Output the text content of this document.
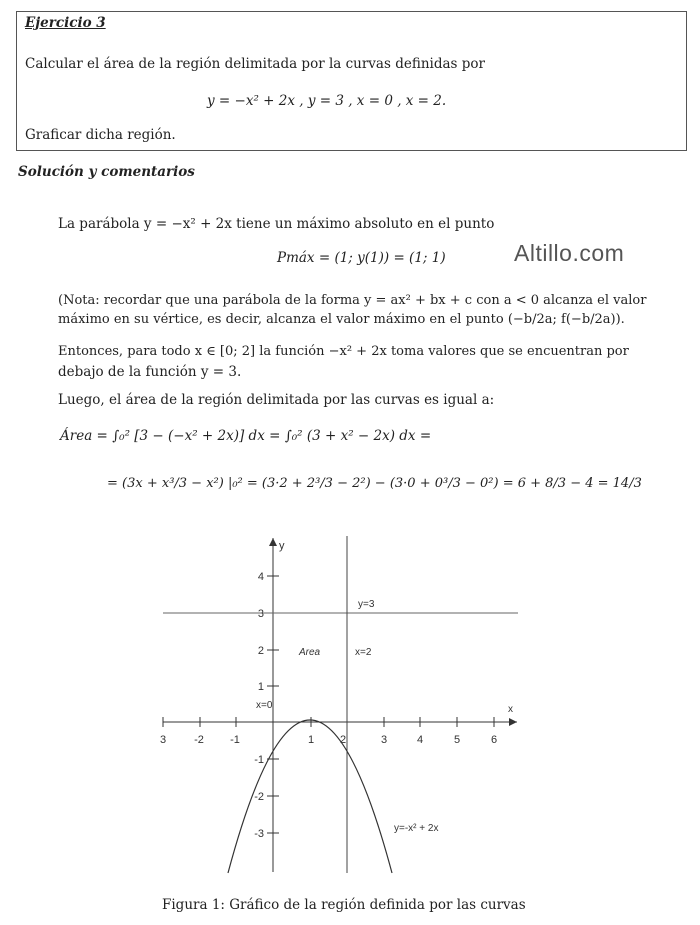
Ejercicio 3
Calcular el área de la región delimitada por la curvas definidas por
y = −x² + 2x , y = 3 , x = 0 , x = 2.
Graficar dicha región.
Solución y comentarios
La parábola y = −x² + 2x tiene un máximo absoluto en el punto
Pmáx = (1; y(1)) = (1; 1)	Altillo.com
(Nota: recordar que una parábola de la forma y = ax² + bx + c con a < 0 alcanza el valor
máximo en su vértice, es decir, alcanza el valor máximo en el punto (−b/2a; f(−b/2a)).
Entonces, para todo x ∈ [0; 2] la función −x² + 2x toma valores que se encuentran por
debajo de la función y = 3.
Luego, el área de la región delimitada por las curvas es igual a:
Área = ∫₀² [3 − (−x² + 2x)] dx = ∫₀² (3 + x² − 2x) dx =
= (3x + x³/3 − x²) |₀² = (3·2 + 2³/3 − 2²) − (3·0 + 0³/3 − 0²) = 6 + 8/3 − 4 = 14/3
3	-2 -1	1 2	3	4	5	6
4
3
2
1
-1
-2
-3
y
x
y=3
x=2
x=0
Area
y=-x² + 2x
Figura 1: Gráfico de la región definida por las curvas
